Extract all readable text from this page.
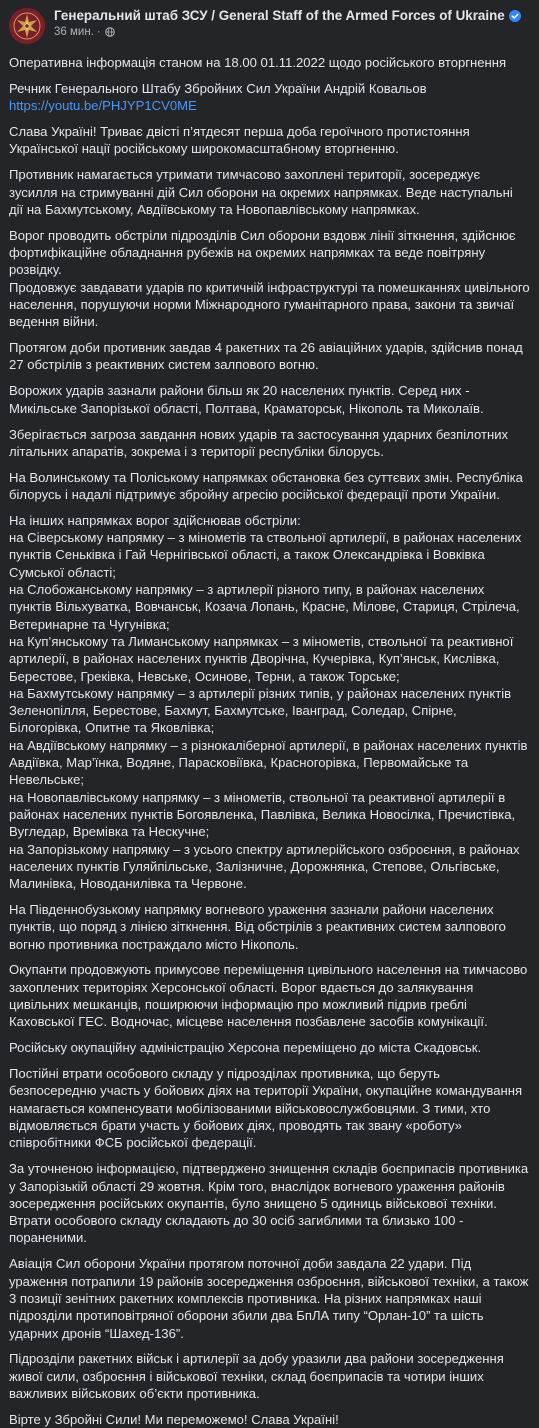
Генеральний штаб ЗСУ / General Staff of the Armed Forces of Ukraine
36 мин. ·

Оперативна інформація станом на 18.00 01.11.2022 щодо російського вторгнення

Речник Генерального Штабу Збройних Сил України Андрій Ковальов
https://youtu.be/PHJYP1CV0ME

Слава Україні! Триває двісті п’ятдесят перша доба героїчного протистояння Української нації російському широкомасштабному вторгненню.

Противник намагається утримати тимчасово захоплені території, зосереджує зусилля на стримуванні дій Сил оборони на окремих напрямках. Веде наступальні дії на Бахмутському, Авдіївському та Новопавлівському напрямках.

Ворог проводить обстріли підрозділів Сил оборони вздовж лінії зіткнення, здійснює фортифікаційне обладнання рубежів на окремих напрямках та веде повітряну розвідку.
Продовжує завдавати ударів по критичній інфраструктурі та помешканнях цивільного населення, порушуючи норми Міжнародного гуманітарного права, закони та звичаї ведення війни.

Протягом доби противник завдав 4 ракетних та 26 авіаційних ударів, здійснив понад 27 обстрілів з реактивних систем залпового вогню.

Ворожих ударів зазнали райони більш як 20 населених пунктів. Серед них - Микільське Запорізької області, Полтава, Краматорськ, Нікополь та Миколаїв.

Зберігається загроза завдання нових ударів та застосування ударних безпілотних літальних апаратів, зокрема і з території республіки білорусь.

На Волинському та Поліському напрямках обстановка без суттєвих змін. Республіка білорусь і надалі підтримує збройну агресію російської федерації проти України.

На інших напрямках ворог здійснював обстріли:
на Сіверському напрямку – з мінометів та ствольної артилерії, в районах населених пунктів Сеньківка і Гай Чернігівської області, а також Олександрівка і Вовківка Сумської області;
на Слобожанському напрямку – з артилерії різного типу, в районах населених пунктів Вільхуватка, Вовчанськ, Козача Лопань, Красне, Мілове, Стариця, Стрілеча, Ветеринарне та Чугунівка;
на Куп’янському та Лиманському напрямках – з мінометів, ствольної та реактивної артилерії, в районах населених пунктів Дворічна, Кучерівка, Куп’янськ, Кислівка, Берестове, Греківка, Невське, Осинове, Терни, а також Торське;
на Бахмутському напрямку – з артилерії різних типів, у районах населених пунктів Зеленопілля, Берестове, Бахмут, Бахмутське, Іванград, Соледар, Спірне, Білогорівка, Опитне та Яковлівка;
на Авдіївському напрямку – з різнокаліберної артилерії, в районах населених пунктів Авдіївка, Мар’їнка, Водяне, Парасковіївка, Красногорівка, Первомайське та Невельське;
на Новопавлівському напрямку – з мінометів, ствольної та реактивної артилерії в районах населених пунктів Богоявленка, Павлівка, Велика Новосілка, Пречистівка, Вугледар, Времівка та Нескучне;
на Запорізькому напрямку – з усього спектру артилерійського озброєння, в районах населених пунктів Гуляйпільське, Залізничне, Дорожнянка, Степове, Ольгівське, Малинівка, Новоданилівка та Червоне.

На Південнобузькому напрямку вогневого ураження зазнали райони населених пунктів, що поряд з лінією зіткнення. Від обстрілів з реактивних систем залпового вогню противника постраждало місто Нікополь.

Окупанти продовжують примусове переміщення цивільного населення на тимчасово захоплених територіях Херсонської області. Ворог вдається до залякування цивільних мешканців, поширюючи інформацію про можливий підрив греблі Каховської ГЕС. Водночас, місцеве населення позбавлене засобів комунікації.

Російську окупаційну адміністрацію Херсона переміщено до міста Скадовськ.

Постійні втрати особового складу у підрозділах противника, що беруть безпосередню участь у бойових діях на території України, окупаційне командування намагається компенсувати мобілізованими військовослужбовцями. З тими, хто відмовляється брати участь у бойових діях, проводять так звану «роботу» співробітники ФСБ російської федерації.

За уточненою інформацією, підтверджено знищення складів боєприпасів противника у Запорізькій області 29 жовтня. Крім того, внаслідок вогневого ураження районів зосередження російських окупантів, було знищено 5 одиниць військової техніки. Втрати особового складу складають до 30 осіб загиблими та близько 100 - пораненими.

Авіація Сил оборони України протягом поточної доби завдала 22 удари. Під ураження потрапили 19 районів зосередження озброєння, військової техніки, а також 3 позиції зенітних ракетних комплексів противника. На різних напрямках наші підрозділи протиповітряної оборони збили два БпЛА типу “Орлан-10” та шість ударних дронів “Шахед-136”.

Підрозділи ракетних військ і артилерії за добу уразили два райони зосередження живої сили, озброєння і військової техніки, склад боєприпасів та чотири інших важливих військових об’єкти противника.

Вірте у Збройні Сили! Ми переможемо! Слава Україні!
